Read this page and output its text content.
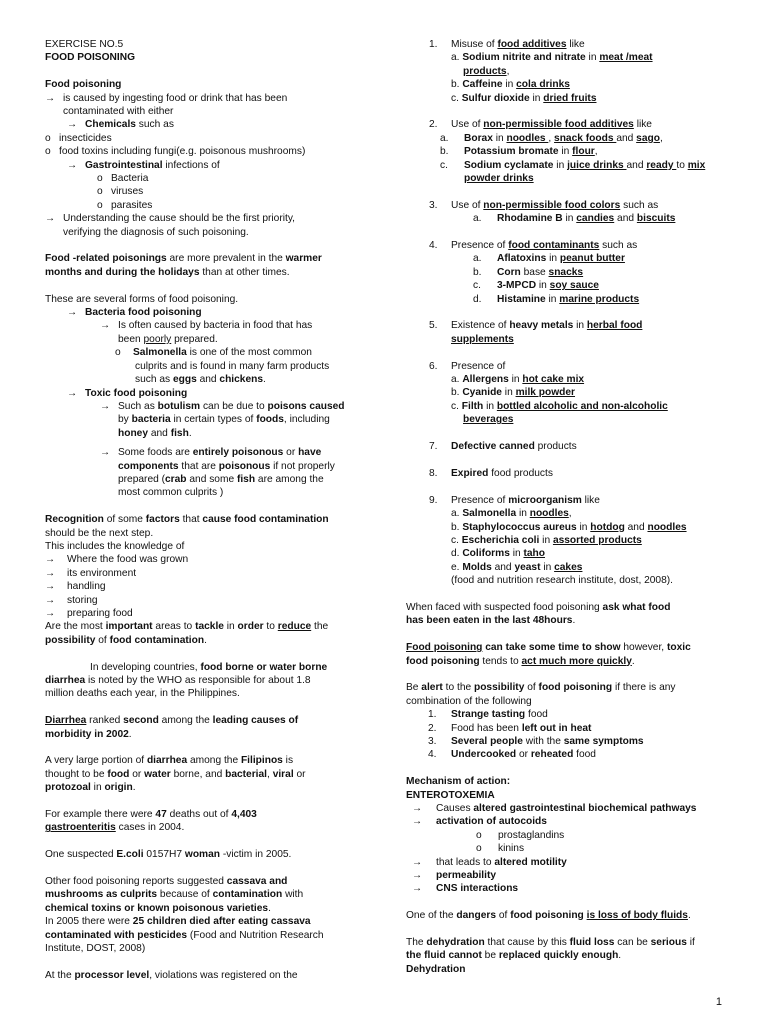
EXERCISE NO.5
FOOD POISONING
Food poisoning
→ is caused by ingesting food or drink that has been
contaminated with either
→ Chemicals such as
o insecticides
o food toxins including fungi(e.g. poisonous mushrooms)
→ Gastrointestinal infections of
o Bacteria
o viruses
o parasites
→ Understanding the cause should be the first priority,
verifying the diagnosis of such poisoning.
Food -related poisonings are more prevalent in the warmer
months and during the holidays than at other times.
These are several forms of food poisoning.
→ Bacteria food poisoning
→ Is often caused by bacteria in food that has
been poorly prepared.
o Salmonella is one of the most common
culprits and is found in many farm products
such as eggs and chickens.
→ Toxic food poisoning
→ Such as botulism can be due to poisons caused
by bacteria in certain types of foods, including
honey and fish.
→ Some foods are entirely poisonous or have
components that are poisonous if not properly
prepared (crab and some fish are among the
most common culprits )
Recognition of some factors that cause food contamination
should be the next step.
This includes the knowledge of
→ Where the food was grown
→ its environment
→ handling
→ storing
→ preparing food
Are the most important areas to tackle in order to reduce the
possibility of food contamination.
In developing countries, food borne or water borne
diarrhea is noted by the WHO as responsible for about 1.8
million deaths each year, in the Philippines.
Diarrhea ranked second among the leading causes of
morbidity in 2002.
A very large portion of diarrhea among the Filipinos is
thought to be food or water borne, and bacterial, viral or
protozoal in origin.
For example there were 47 deaths out of 4,403
gastroenteritis cases in 2004.
One suspected E.coli 0157H7 woman -victim in 2005.
Other food poisoning reports suggested cassava and
mushrooms as culprits because of contamination with
chemical toxins or known poisonous varieties.
In 2005 there were 25 children died after eating cassava
contaminated with pesticides (Food and Nutrition Research
Institute, DOST, 2008)
At the processor level, violations was registered on the
1. Misuse of food additives like
a. Sodium nitrite and nitrate in meat /meat
products,
b. Caffeine in cola drinks
c. Sulfur dioxide in dried fruits
2. Use of non-permissible food additives like
a. Borax in noodles , snack foods and sago,
b. Potassium bromate in flour,
c. Sodium cyclamate in juice drinks and ready to mix
powder drinks
3. Use of non-permissible food colors such as
a. Rhodamine B in candies and biscuits
4. Presence of food contaminants such as
a. Aflatoxins in peanut butter
b. Corn base snacks
c. 3-MPCD in soy sauce
d. Histamine in marine products
5. Existence of heavy metals in herbal food
supplements
6. Presence of
a. Allergens in hot cake mix
b. Cyanide in milk powder
c. Filth in bottled alcoholic and non-alcoholic
beverages
7. Defective canned products
8. Expired food products
9. Presence of microorganism like
a. Salmonella in noodles,
b. Staphylococcus aureus in hotdog and noodles
c. Escherichia coli in assorted products
d. Coliforms in taho
e. Molds and yeast in cakes
(food and nutrition research institute, dost, 2008).
When faced with suspected food poisoning ask what food
has been eaten in the last 48hours.
Food poisoning can take some time to show however, toxic
food poisoning tends to act much more quickly.
Be alert to the possibility of food poisoning if there is any
combination of the following
1. Strange tasting food
2. Food has been left out in heat
3. Several people with the same symptoms
4. Undercooked or reheated food
Mechanism of action:
ENTEROTOXEMIA
→ Causes altered gastrointestinal biochemical pathways
→ activation of autocoids
o prostaglandins
o kinins
→ that leads to altered motility
→ permeability
→ CNS interactions
One of the dangers of food poisoning is loss of body fluids.
The dehydration that cause by this fluid loss can be serious if
the fluid cannot be replaced quickly enough.
Dehydration
1
